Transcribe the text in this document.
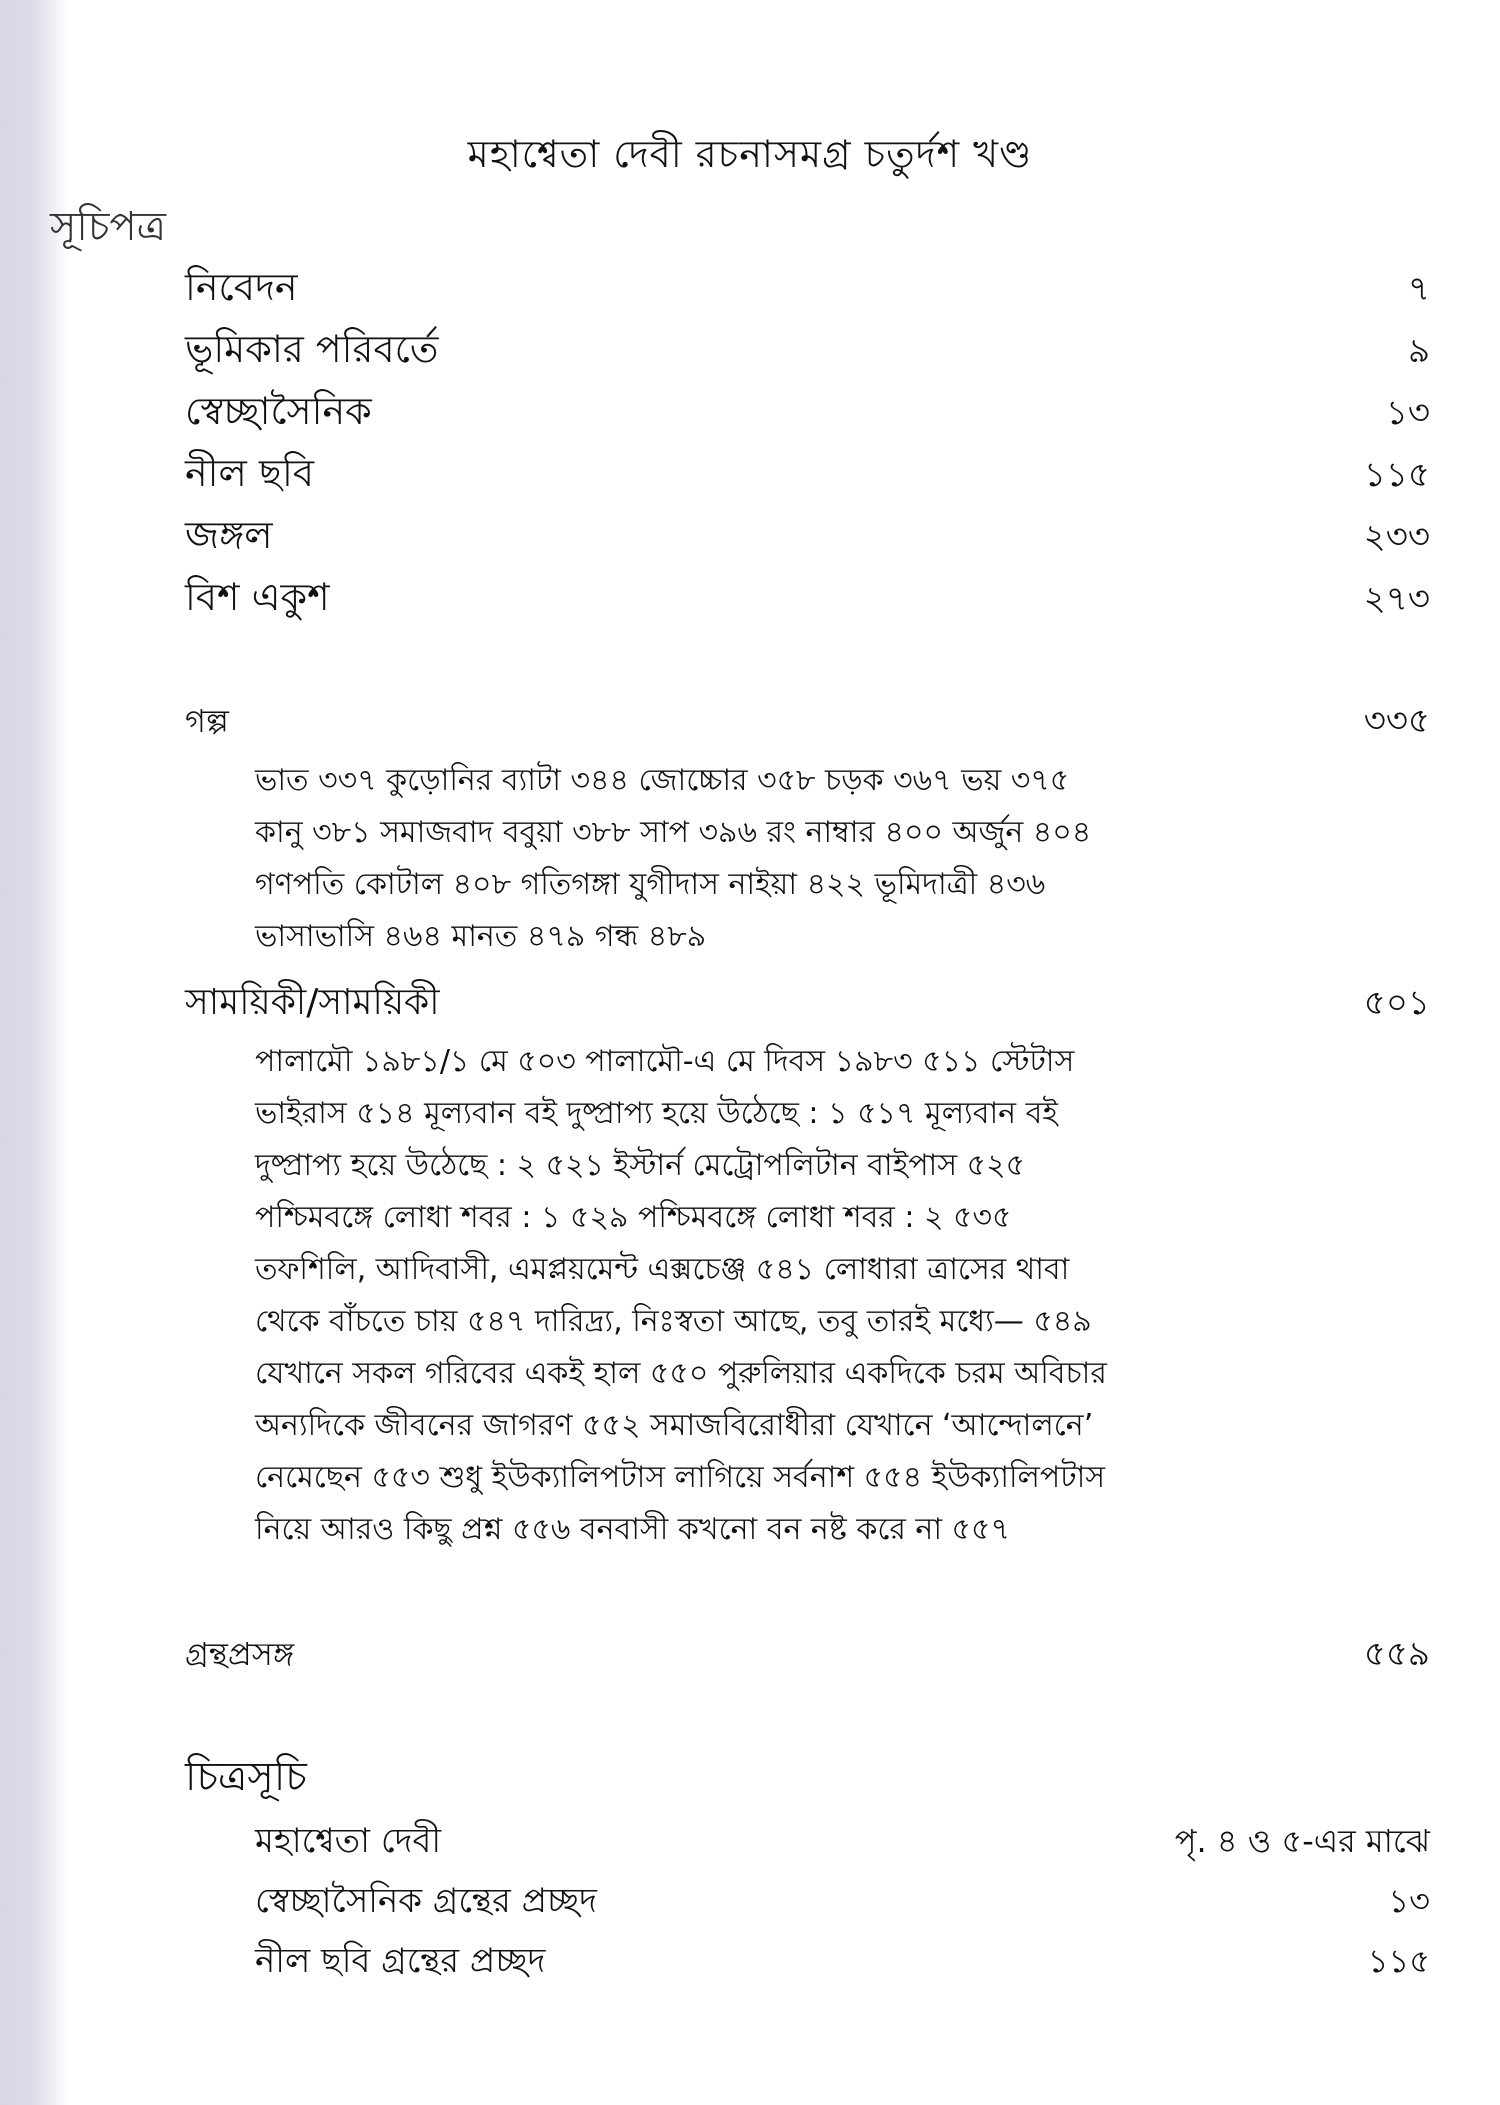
মহাশ্বেতা দেবী রচনাসমগ্র চতুর্দশ খণ্ড
সূচিপত্র
নিবেদন	৭
ভূমিকার পরিবর্তে	৯
স্বেচ্ছাসৈনিক	১৩
নীল ছবি	১১৫
জঙ্গল	২৩৩
বিশ একুশ	২৭৩
গল্প	৩৩৫
ভাত ৩৩৭ কুড়োনির ব্যাটা ৩৪৪ জোচ্চোর ৩৫৮ চড়ক ৩৬৭ ভয় ৩৭৫
কানু ৩৮১ সমাজবাদ ববুয়া ৩৮৮ সাপ ৩৯৬ রং নাম্বার ৪০০ অর্জুন ৪০৪
গণপতি কোটাল ৪০৮ গতিগঙ্গা যুগীদাস নাইয়া ৪২২ ভূমিদাত্রী ৪৩৬
ভাসাভাসি ৪৬৪ মানত ৪৭৯ গন্ধ ৪৮৯
সাময়িকী/সাময়িকী	৫০১
পালামৌ ১৯৮১/১ মে ৫০৩ পালামৌ-এ মে দিবস ১৯৮৩ ৫১১ স্টেটাস
ভাইরাস ৫১৪ মূল্যবান বই দুষ্প্রাপ্য হয়ে উঠেছে : ১ ৫১৭ মূল্যবান বই
দুষ্প্রাপ্য হয়ে উঠেছে : ২ ৫২১ ইস্টার্ন মেট্রোপলিটান বাইপাস ৫২৫
পশ্চিমবঙ্গে লোধা শবর : ১ ৫২৯ পশ্চিমবঙ্গে লোধা শবর : ২ ৫৩৫
তফশিলি, আদিবাসী, এমপ্লয়মেন্ট এক্সচেঞ্জ ৫৪১ লোধারা ত্রাসের থাবা
থেকে বাঁচতে চায় ৫৪৭ দারিদ্র্য, নিঃস্বতা আছে, তবু তারই মধ্যে— ৫৪৯
যেখানে সকল গরিবের একই হাল ৫৫০ পুরুলিয়ার একদিকে চরম অবিচার
অন্যদিকে জীবনের জাগরণ ৫৫২ সমাজবিরোধীরা যেখানে ‘আন্দোলনে’
নেমেছেন ৫৫৩ শুধু ইউক্যালিপটাস লাগিয়ে সর্বনাশ ৫৫৪ ইউক্যালিপটাস
নিয়ে আরও কিছু প্রশ্ন ৫৫৬ বনবাসী কখনো বন নষ্ট করে না ৫৫৭
গ্রন্থপ্রসঙ্গ	৫৫৯
চিত্রসূচি
মহাশ্বেতা দেবী	পৃ. ৪ ও ৫-এর মাঝে
স্বেচ্ছাসৈনিক গ্রন্থের প্রচ্ছদ	১৩
নীল ছবি গ্রন্থের প্রচ্ছদ	১১৫
